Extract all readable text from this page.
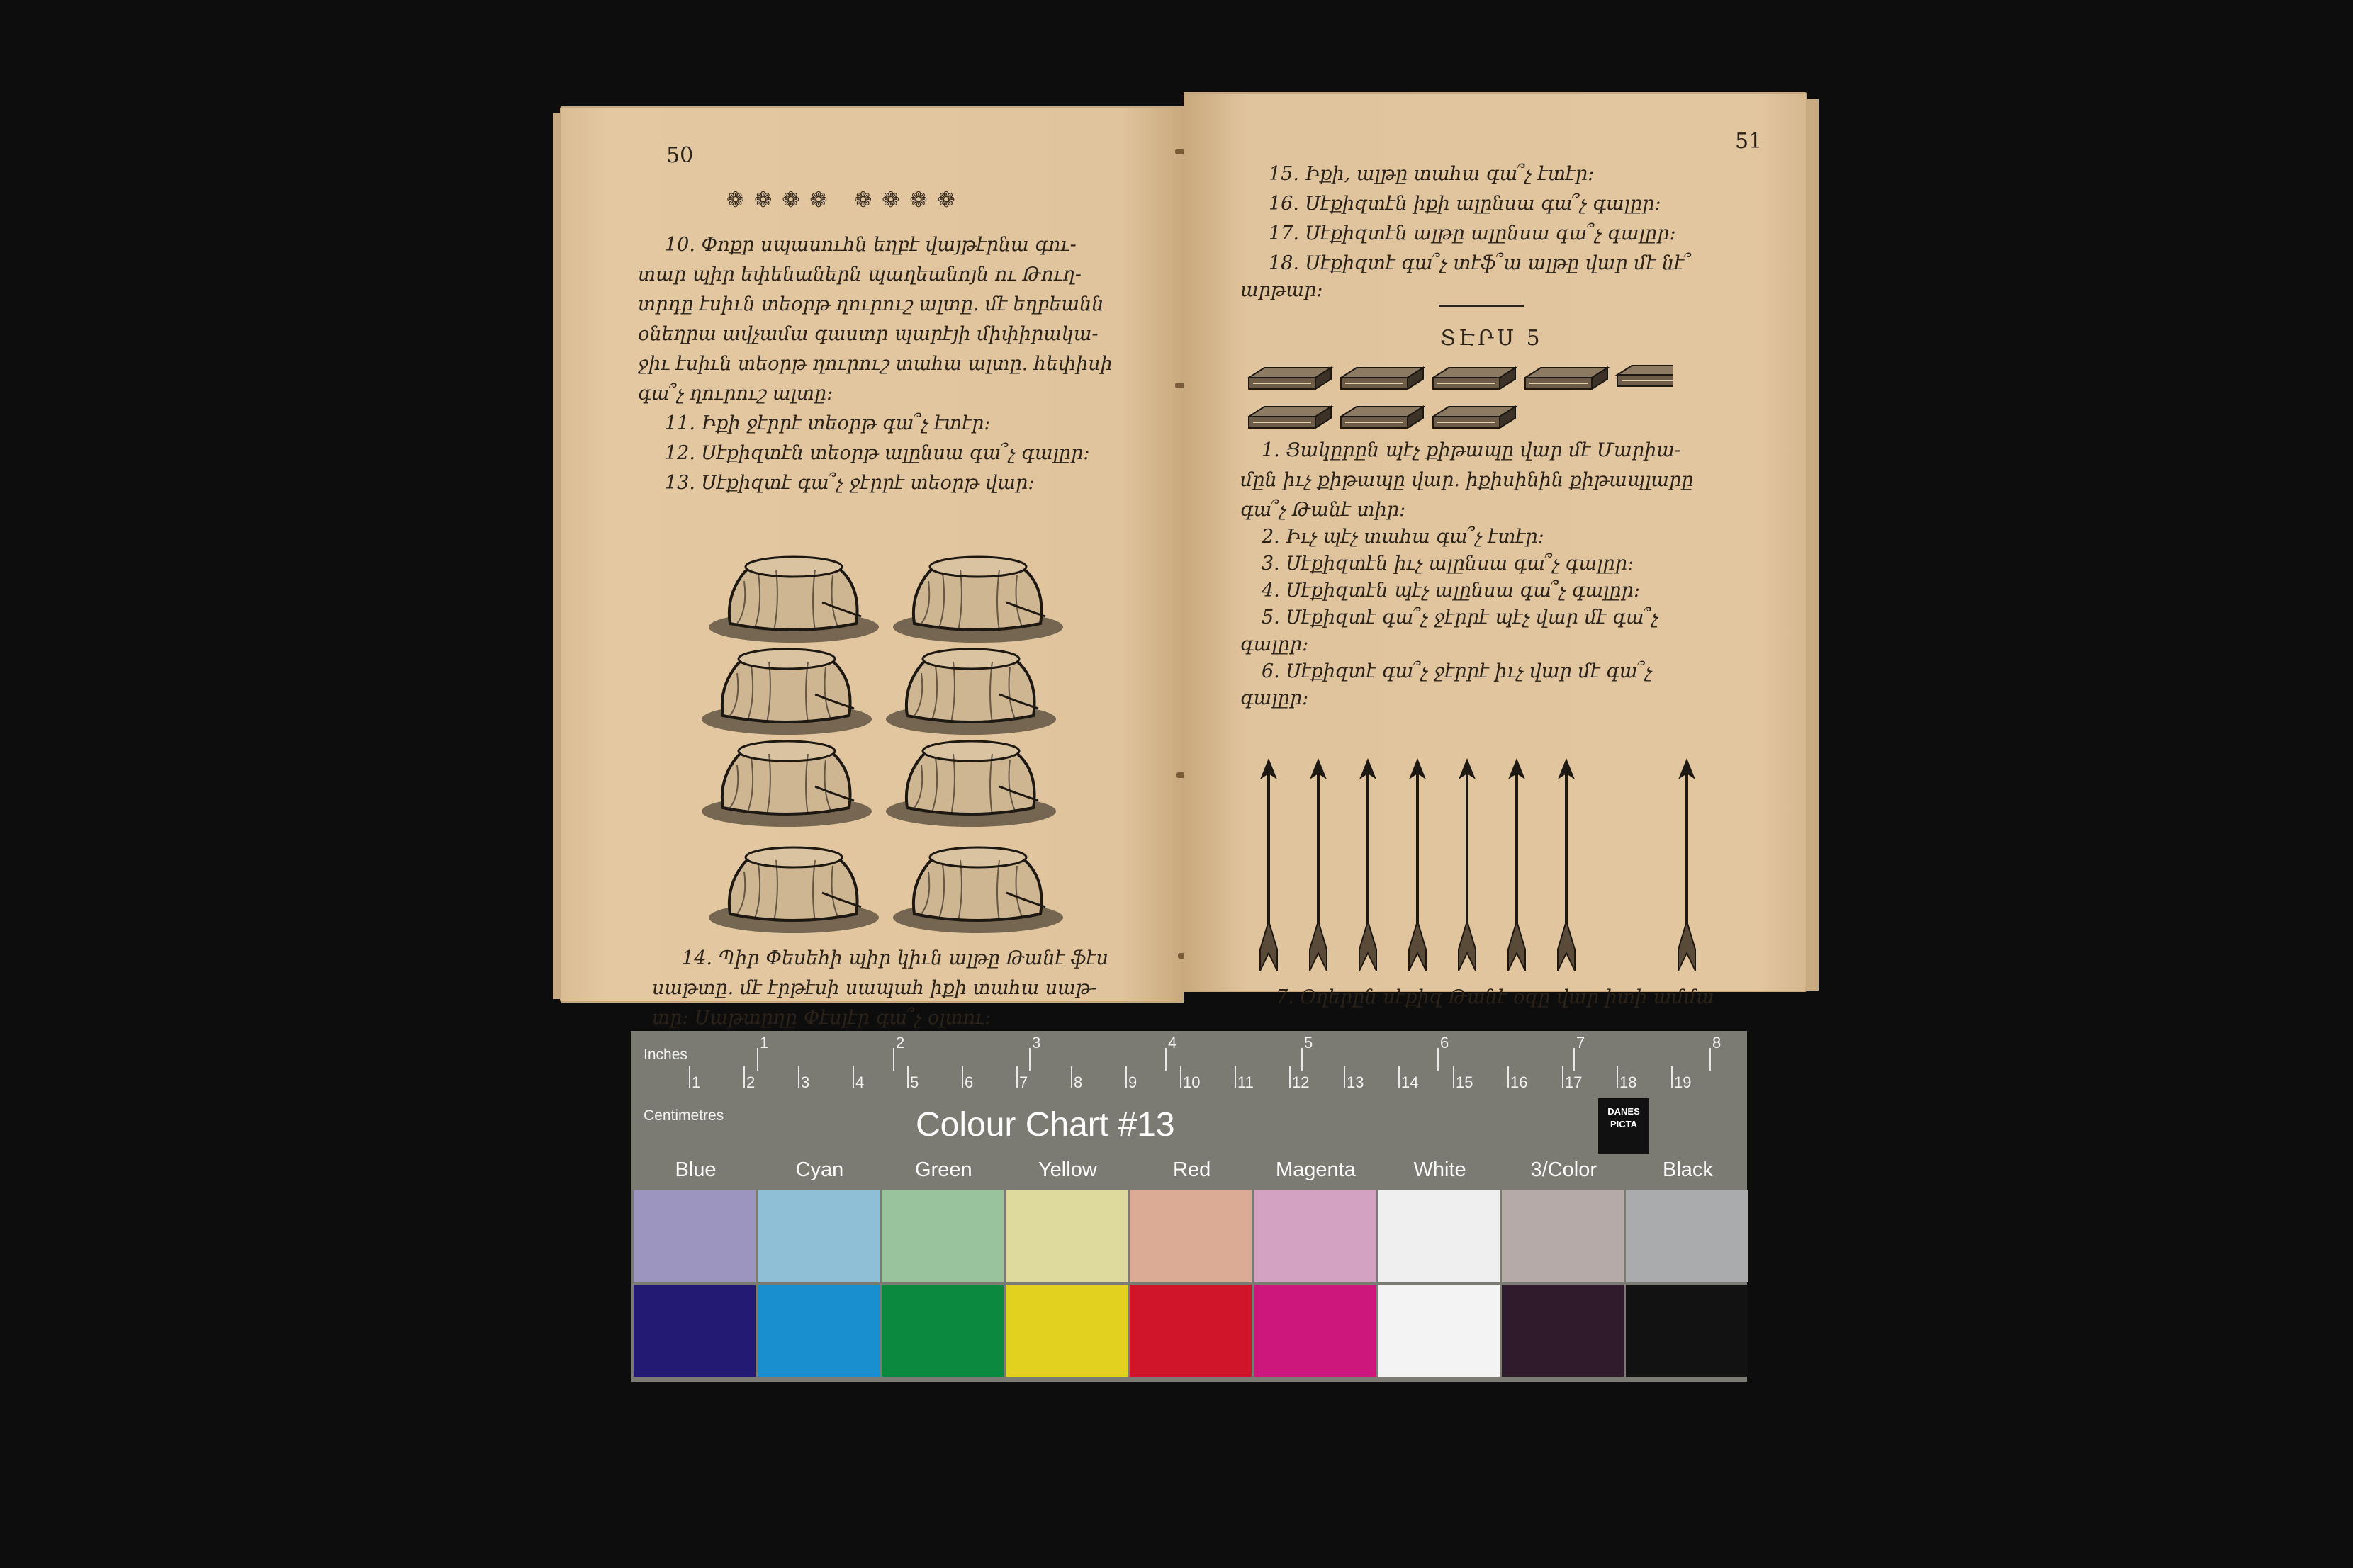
50
❁❁❁❁ ❁❁❁❁
10. Փոքր սպասուհն եղբէ վայթէրնա գու-
տար պիր եփենաներն պաղեանոյն ու Թուղ-
տրդը էսիւն տեօրթ ղուրուշ ալտը. մէ եղբեանն
օնեղրա ավչամա գաստր պարէյի միփիրակա-
ջիւ էսիւն տեօրթ ղուրուշ տահա ալտը. հեփիսի
գա՞չ ղուրուշ ալտը:
11. Իքի ջէրրէ տեօրթ գա՞չ էտէր:
12. Սէքիզտէն տեօրթ ալընսա գա՞չ գալըր:
13. Սէքիզտէ գա՞չ ջէրրէ տեօրթ վար:
14. Պիր Փեսեհի պիր կիւն ալթը Թանէ ֆէս
սաթտը. մէ էրթէսի սապահ իքի տահա սաթ-
տը: Սաթտըղը Փէսլէր գա՞չ օլտու:
51
15. Իքի, ալթը տահա գա՞չ էտէր:
16. Սէքիզտէն իքի ալընսա գա՞չ գալըր:
17. Սէքիզտէն ալթը ալընսա գա՞չ գալըր:
18. Սէքիզտէ գա՞չ տէֆ՞ա ալթը վար մէ նէ՞
արթար:
ՏԷՐՍ 5
1. Ցակըրըն պէչ քիթապը վար մէ Մարիա-
մըն իւչ քիթապը վար. իքիսինին քիթապլարը
գա՞չ Թանէ տիր:
2. Իւչ պէչ տահա գա՞չ էտէր:
3. Սէքիզտէն իւչ ալընսա գա՞չ գալըր:
4. Սէքիզտէն պէչ ալընսա գա՞չ գալըր:
5. Սէքիզտէ գա՞չ ջէրրէ պէչ վար մէ գա՞չ
գալըր:
6. Սէքիզտէ գա՞չ ջէրրէ իւչ վար մէ գա՞չ
գալըր:
7. Օղերըն սէքիզ Թանէ օգը վար իտի ամմա
Inches
Centimetres
1	2	3	4	5	6	7	8
1	2	3	4	5	6	7	8	9	10 11 12 13 14 15 16 17 18 19
Colour Chart #13	DANES PICTA
Blue	Cyan	Green	Yellow	Red	Magenta	White	3/Color	Black
